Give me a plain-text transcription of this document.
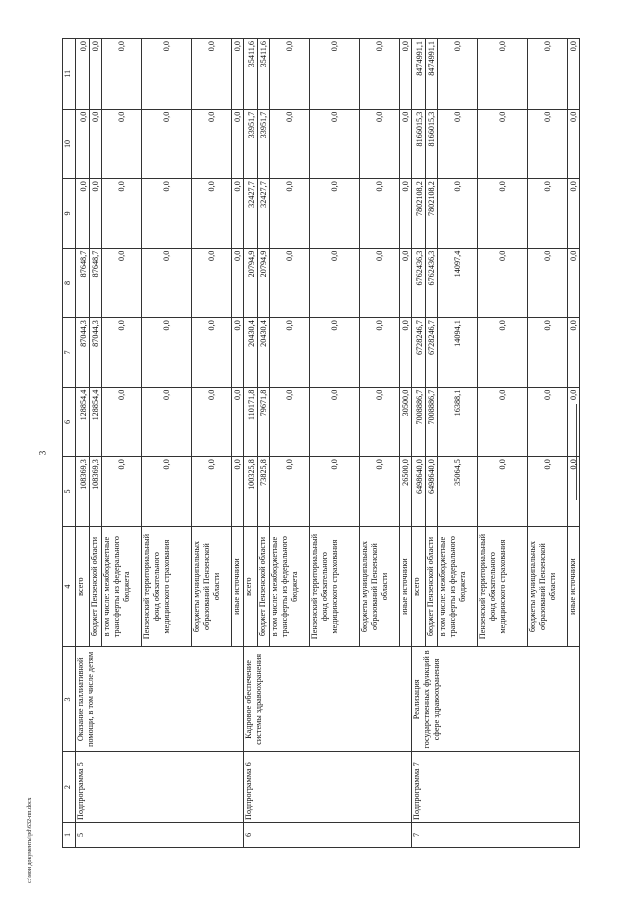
3
c:\мои документы\pd\632-пп.docx	1	2	3	4	5	6	7	8	9	10	11
5	Подпрограмма 5	Оказание паллиативной помощи, в том числе детям	всего	108369,3	128854,4	87044,3	87648,7	0,0	0,0	0,0
			бюджет Пензенской области	108369,3	128854,4	87044,3	87648,7	0,0	0,0	0,0
			в том числе: межбюджетные трансферты из федерального бюджета	0,0	0,0	0,0	0,0	0,0	0,0	0,0
			Пензенский территориальный фонд обязательного медицинского страхования	0,0	0,0	0,0	0,0	0,0	0,0	0,0
			бюджеты муниципальных образований Пензенской области	0,0	0,0	0,0	0,0	0,0	0,0	0,0
			иные источники	0,0	0,0	0,0	0,0	0,0	0,0	0,0
6	Подпрограмма 6	Кадровое обеспечение системы здравоохранения	всего	100325,8	110171,8	20430,4	20794,9	32427,7	33951,7	35411,6
			бюджет Пензенской области	73825,8	79671,8	20430,4	20794,9	32427,7	33951,7	35411,6
			в том числе: межбюджетные трансферты из федерального бюджета	0,0	0,0	0,0	0,0	0,0	0,0	0,0
			Пензенский территориальный фонд обязательного медицинского страхования	0,0	0,0	0,0	0,0	0,0	0,0	0,0
			бюджеты муниципальных образований Пензенской области	0,0	0,0	0,0	0,0	0,0	0,0	0,0
			иные источники	26500,0	30500,0	0,0	0,0	0,0	0,0	0,0
7	Подпрограмма 7	Реализация государственных функций в сфере здравоохранения	всего	6498640,0	7008886,7	6728246,7	6762436,3	7802108,2	8166015,3	8474991,1
			бюджет Пензенской области	6498640,0	7008886,7	6728246,7	6762436,3	7802108,2	8166015,3	8474991,1
			в том числе: межбюджетные трансферты из федерального бюджета	35064,5	16388,1	14094,1	14097,4	0,0	0,0	0,0
			Пензенский территориальный фонд обязательного медицинского страхования	0,0	0,0	0,0	0,0	0,0	0,0	0,0
			бюджеты муниципальных образований Пензенской области	0,0	0,0	0,0	0,0	0,0	0,0	0,0
			иные источники	0,0	0,0	0,0	0,0	0,0	0,0	0,0
